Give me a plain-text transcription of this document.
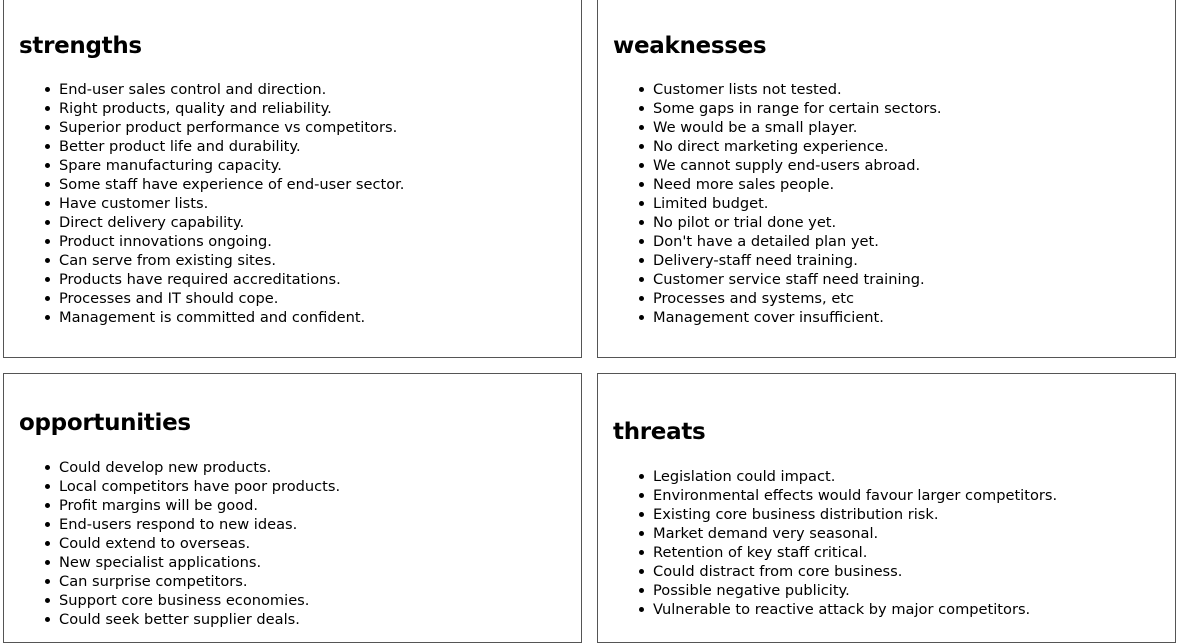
strengths
End-user sales control and direction.
Right products, quality and reliability.
Superior product performance vs competitors.
Better product life and durability.
Spare manufacturing capacity.
Some staff have experience of end-user sector.
Have customer lists.
Direct delivery capability.
Product innovations ongoing.
Can serve from existing sites.
Products have required accreditations.
Processes and IT should cope.
Management is committed and confident.
weaknesses
Customer lists not tested.
Some gaps in range for certain sectors.
We would be a small player.
No direct marketing experience.
We cannot supply end-users abroad.
Need more sales people.
Limited budget.
No pilot or trial done yet.
Don't have a detailed plan yet.
Delivery-staff need training.
Customer service staff need training.
Processes and systems, etc
Management cover insufficient.
opportunities
Could develop new products.
Local competitors have poor products.
Profit margins will be good.
End-users respond to new ideas.
Could extend to overseas.
New specialist applications.
Can surprise competitors.
Support core business economies.
Could seek better supplier deals.
threats
Legislation could impact.
Environmental effects would favour larger competitors.
Existing core business distribution risk.
Market demand very seasonal.
Retention of key staff critical.
Could distract from core business.
Possible negative publicity.
Vulnerable to reactive attack by major competitors.
